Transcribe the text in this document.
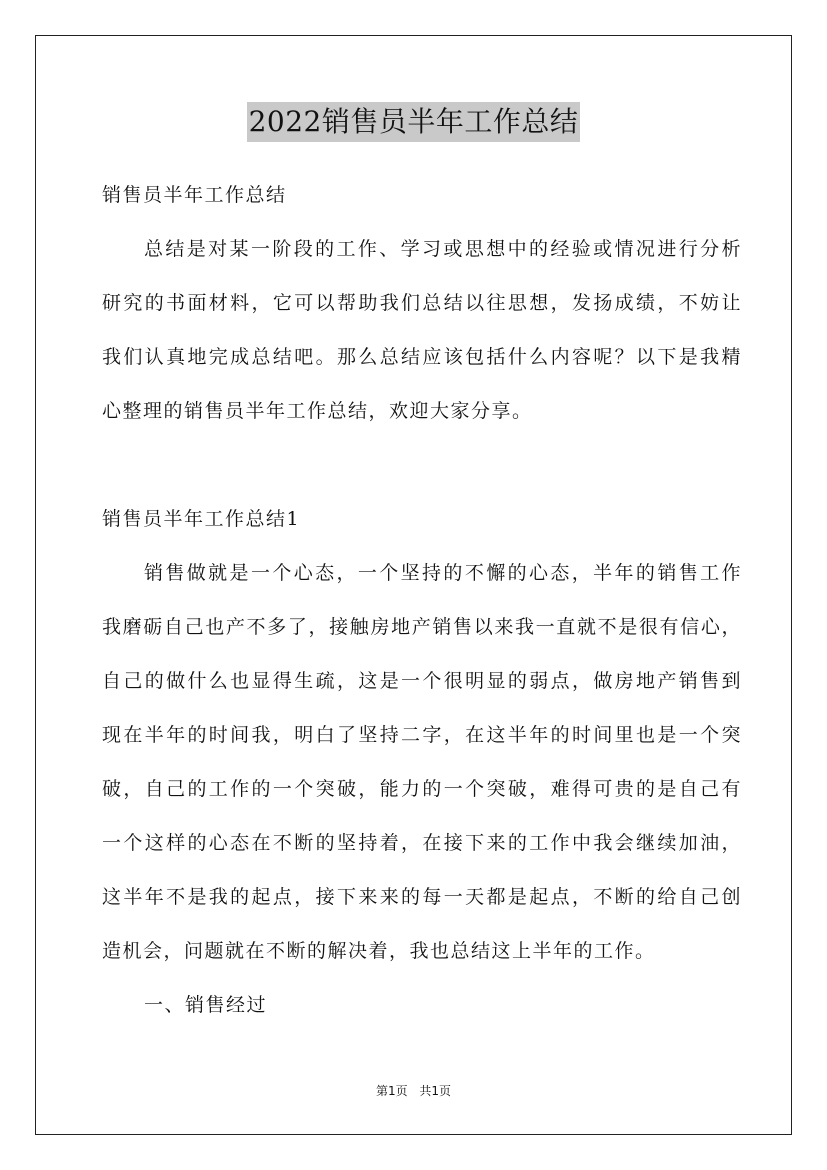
2022销售员半年工作总结
销售员半年工作总结
总结是对某一阶段的工作、学习或思想中的经验或情况进行分析
研究的书面材料，它可以帮助我们总结以往思想，发扬成绩，不妨让
我们认真地完成总结吧。那么总结应该包括什么内容呢？以下是我精
心整理的销售员半年工作总结，欢迎大家分享。
销售员半年工作总结1
销售做就是一个心态，一个坚持的不懈的心态，半年的销售工作
我磨砺自己也产不多了，接触房地产销售以来我一直就不是很有信心，
自己的做什么也显得生疏，这是一个很明显的弱点，做房地产销售到
现在半年的时间我，明白了坚持二字，在这半年的时间里也是一个突
破，自己的工作的一个突破，能力的一个突破，难得可贵的是自己有
一个这样的心态在不断的坚持着，在接下来的工作中我会继续加油，
这半年不是我的起点，接下来来的每一天都是起点，不断的给自己创
造机会，问题就在不断的解决着，我也总结这上半年的工作。
一、销售经过
第1页 共1页
